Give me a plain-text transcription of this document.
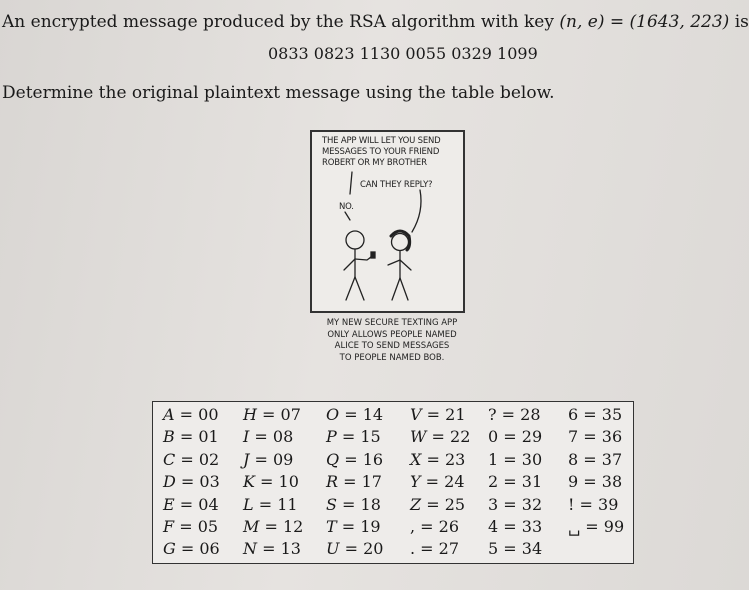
An encrypted message produced by the RSA algorithm with key (n, e) = (1643, 223) is
0833 0823 1130 0055 0329 1099
Determine the original plaintext message using the table below.
THE APP WILL LET YOU SEND
MESSAGES TO YOUR FRIEND
ROBERT OR MY BROTHER
CAN THEY REPLY?
NO.
MY NEW SECURE TEXTING APP
ONLY ALLOWS PEOPLE NAMED
ALICE TO SEND MESSAGES
TO PEOPLE NAMED BOB.
A = 00
B = 01
C = 02
D = 03
E = 04
F = 05
G = 06
H = 07
I = 08
J = 09
K = 10
L = 11
M = 12
N = 13
O = 14
P = 15
Q = 16
R = 17
S = 18
T = 19
U = 20
V = 21
W = 22
X = 23
Y = 24
Z = 25
, = 26
. = 27
? = 28
0 = 29
1 = 30
2 = 31
3 = 32
4 = 33
5 = 34
6 = 35
7 = 36
8 = 37
9 = 38
! = 39
␣ = 99
